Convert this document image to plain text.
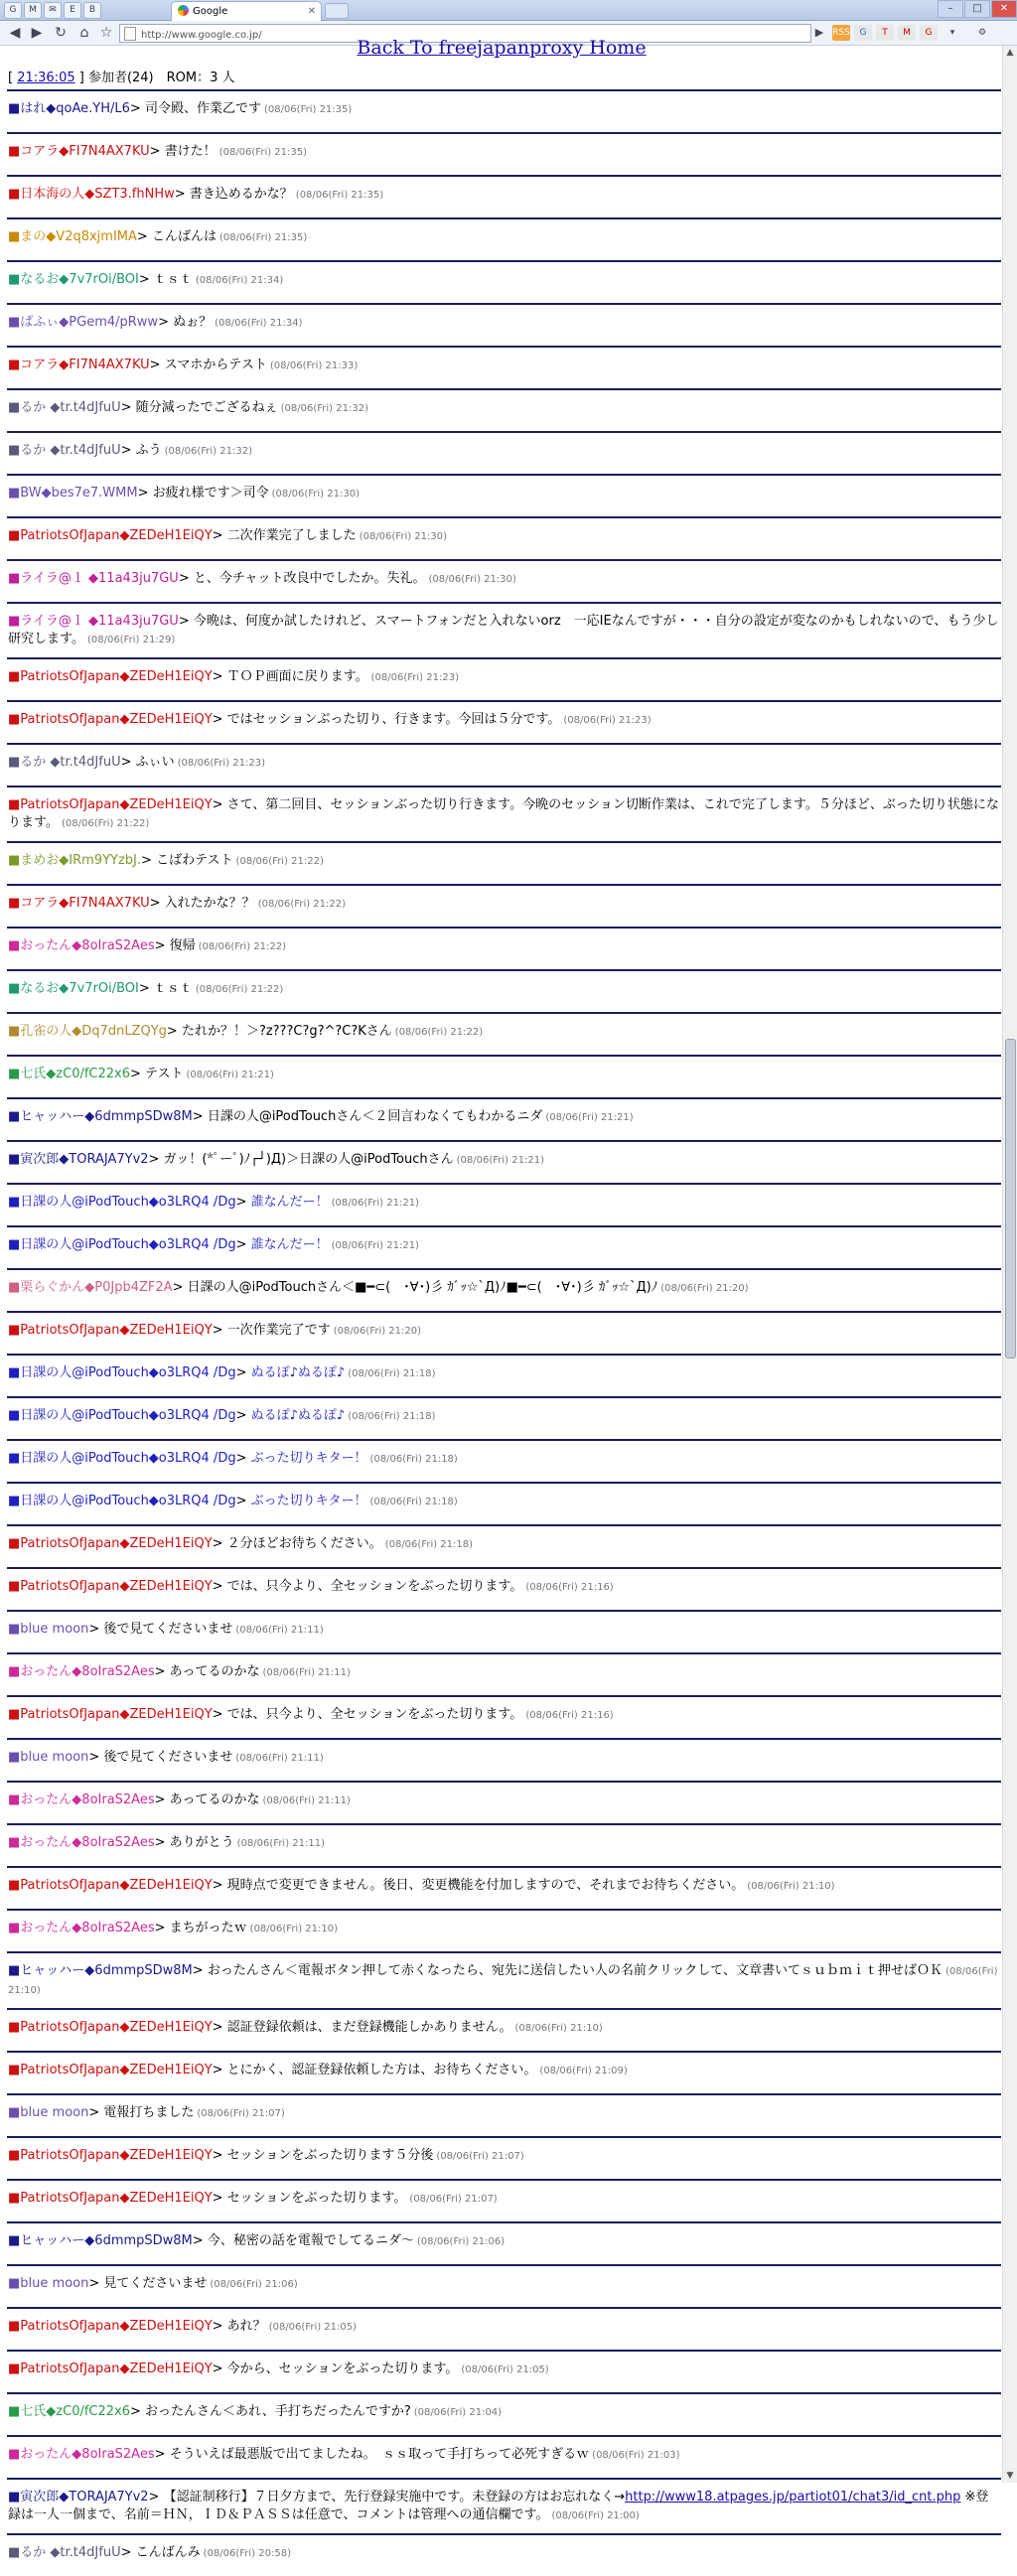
G	M	✉	E	B	Google	✕	–	□	✕
◀ ▶ ↻ ⌂ ☆	http://www.google.co.jp/	▶ RSS	G	T	M	G	▾	⚙
Back To freejapanproxy Home
[ 21:36:05 ] 参加者(24)　ROM：3 人
■はれ◆qoAe.YH/L6> 司令殿、作業乙です (08/06(Fri) 21:35)
■コアラ◆FI7N4AX7KU> 書けた！ (08/06(Fri) 21:35)
■日本海の人◆SZT3.fhNHw> 書き込めるかな？ (08/06(Fri) 21:35)
■まの◆V2q8xjmIMA> こんばんは (08/06(Fri) 21:35)
■なるお◆7v7rOi/BOI> ｔｓｔ (08/06(Fri) 21:34)
■ぱふぃ◆PGem4/pRww> ぬぉ？ (08/06(Fri) 21:34)
■コアラ◆FI7N4AX7KU> スマホからテスト (08/06(Fri) 21:33)
■るか ◆tr.t4dJfuU> 随分減ったでござるねぇ (08/06(Fri) 21:32)
■るか ◆tr.t4dJfuU> ふう (08/06(Fri) 21:32)
■BW◆bes7e7.WMM> お疲れ様です＞司令 (08/06(Fri) 21:30)
■PatriotsOfJapan◆ZEDeH1EiQY> 二次作業完了しました (08/06(Fri) 21:30)
■ライラ@１ ◆11a43ju7GU> と、今チャット改良中でしたか。失礼。 (08/06(Fri) 21:30)
■ライラ@１ ◆11a43ju7GU> 今晩は、何度か試したけれど、スマートフォンだと入れないorz　一応IEなんですが・・・自分の設定が変なのかもしれないので、もう少し研究します。 (08/06(Fri) 21:29)
■PatriotsOfJapan◆ZEDeH1EiQY> ＴＯＰ画面に戻ります。 (08/06(Fri) 21:23)
■PatriotsOfJapan◆ZEDeH1EiQY> ではセッションぶった切り、行きます。今回は５分です。 (08/06(Fri) 21:23)
■るか ◆tr.t4dJfuU> ふぃい (08/06(Fri) 21:23)
■PatriotsOfJapan◆ZEDeH1EiQY> さて、第二回目、セッションぶった切り行きます。今晩のセッション切断作業は、これで完了します。５分ほど、ぶった切り状態になります。 (08/06(Fri) 21:22)
■まめお◆IRm9YYzbJ.> こばわテスト (08/06(Fri) 21:22)
■コアラ◆FI7N4AX7KU> 入れたかな？？ (08/06(Fri) 21:22)
■おったん◆8oIraS2Aes> 復帰 (08/06(Fri) 21:22)
■なるお◆7v7rOi/BOI> ｔｓｔ (08/06(Fri) 21:22)
■孔雀の人◆Dq7dnLZQYg> たれか？！＞?z???C?g?^?C?Kさん (08/06(Fri) 21:22)
■七氏◆zC0/fC22x6> テスト (08/06(Fri) 21:21)
■ヒャッハー◆6dmmpSDw8M> 日課の人@iPodTouchさん＜２回言わなくてもわかるニダ (08/06(Fri) 21:21)
■寅次郎◆TORAJA7Yv2> ガッ！(*ﾟーﾟ)ﾉ┌┘)Д)＞日課の人@iPodTouchさん (08/06(Fri) 21:21)
■日課の人@iPodTouch◆o3LRQ4 /Dg> 誰なんだー！ (08/06(Fri) 21:21)
■日課の人@iPodTouch◆o3LRQ4 /Dg> 誰なんだー！ (08/06(Fri) 21:21)
■栗らぐかん◆P0Jpb4ZF2A> 日課の人@iPodTouchさん＜■━⊂(　･∀･)彡 ｶﾞｯ☆`Д)ﾉ■━⊂(　･∀･)彡 ｶﾞｯ☆`Д)ﾉ (08/06(Fri) 21:20)
■PatriotsOfJapan◆ZEDeH1EiQY> 一次作業完了です (08/06(Fri) 21:20)
■日課の人@iPodTouch◆o3LRQ4 /Dg> ぬるぽ♪ぬるぽ♪ (08/06(Fri) 21:18)
■日課の人@iPodTouch◆o3LRQ4 /Dg> ぬるぽ♪ぬるぽ♪ (08/06(Fri) 21:18)
■日課の人@iPodTouch◆o3LRQ4 /Dg> ぶった切りキター！ (08/06(Fri) 21:18)
■日課の人@iPodTouch◆o3LRQ4 /Dg> ぶった切りキター！ (08/06(Fri) 21:18)
■PatriotsOfJapan◆ZEDeH1EiQY> ２分ほどお待ちください。 (08/06(Fri) 21:18)
■PatriotsOfJapan◆ZEDeH1EiQY> では、只今より、全セッションをぶった切ります。 (08/06(Fri) 21:16)
■blue moon> 後で見てくださいませ (08/06(Fri) 21:11)
■おったん◆8oIraS2Aes> あってるのかな (08/06(Fri) 21:11)
■PatriotsOfJapan◆ZEDeH1EiQY> では、只今より、全セッションをぶった切ります。 (08/06(Fri) 21:16)
■blue moon> 後で見てくださいませ (08/06(Fri) 21:11)
■おったん◆8oIraS2Aes> あってるのかな (08/06(Fri) 21:11)
■おったん◆8oIraS2Aes> ありがとう (08/06(Fri) 21:11)
■PatriotsOfJapan◆ZEDeH1EiQY> 現時点で変更できません。後日、変更機能を付加しますので、それまでお待ちください。 (08/06(Fri) 21:10)
■おったん◆8oIraS2Aes> まちがったｗ (08/06(Fri) 21:10)
■ヒャッハー◆6dmmpSDw8M> おったんさん＜電報ボタン押して赤くなったら、宛先に送信したい人の名前クリックして、文章書いてｓｕｂｍｉｔ押せばＯＫ (08/06(Fri) 21:10)
■PatriotsOfJapan◆ZEDeH1EiQY> 認証登録依頼は、まだ登録機能しかありません。 (08/06(Fri) 21:10)
■PatriotsOfJapan◆ZEDeH1EiQY> とにかく、認証登録依頼した方は、お待ちください。 (08/06(Fri) 21:09)
■blue moon> 電報打ちました (08/06(Fri) 21:07)
■PatriotsOfJapan◆ZEDeH1EiQY> セッションをぶった切ります５分後 (08/06(Fri) 21:07)
■PatriotsOfJapan◆ZEDeH1EiQY> セッションをぶった切ります。 (08/06(Fri) 21:07)
■ヒャッハー◆6dmmpSDw8M> 今、秘密の話を電報でしてるニダ～ (08/06(Fri) 21:06)
■blue moon> 見てくださいませ (08/06(Fri) 21:06)
■PatriotsOfJapan◆ZEDeH1EiQY> あれ？ (08/06(Fri) 21:05)
■PatriotsOfJapan◆ZEDeH1EiQY> 今から、セッションをぶった切ります。 (08/06(Fri) 21:05)
■七氏◆zC0/fC22x6> おったんさん＜あれ、手打ちだったんですか? (08/06(Fri) 21:04)
■おったん◆8oIraS2Aes> そういえば最悪版で出てましたね。　ｓｓ取って手打ちって必死すぎるｗ (08/06(Fri) 21:03)
■寅次郎◆TORAJA7Yv2> 【認証制移行】７日夕方まで、先行登録実施中です。未登録の方はお忘れなく→http://www18.atpages.jp/partiot01/chat3/id_cnt.php ※登録は一人一個まで、名前＝ＨＮ，ＩＤ＆ＰＡＳＳは任意で、コメントは管理への通信欄です。 (08/06(Fri) 21:00)
■るか ◆tr.t4dJfuU> こんばんみ (08/06(Fri) 20:58)
▲
▼
